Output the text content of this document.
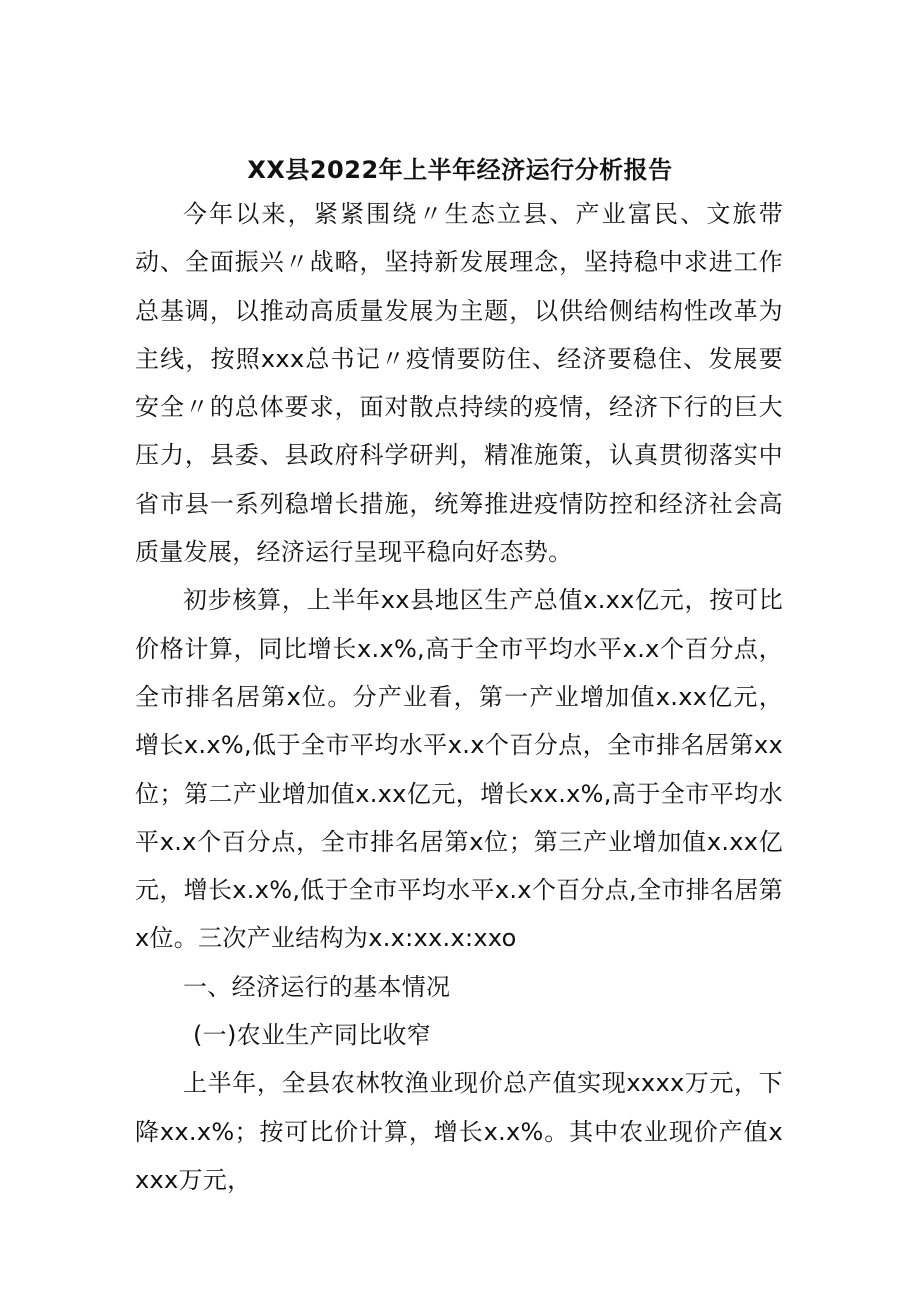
XX县2022年上半年经济运行分析报告

今年以来，紧紧围绕〃生态立县、产业富民、文旅带动、全面振兴〃战略，坚持新发展理念，坚持稳中求进工作总基调，以推动高质量发展为主题，以供给侧结构性改革为主线，按照xxx总书记〃疫情要防住、经济要稳住、发展要安全〃的总体要求，面对散点持续的疫情，经济下行的巨大压力，县委、县政府科学研判，精准施策，认真贯彻落实中省市县一系列稳增长措施，统筹推进疫情防控和经济社会高质量发展，经济运行呈现平稳向好态势。

初步核算，上半年xx县地区生产总值x.xx亿元，按可比价格计算，同比增长x.x%,高于全市平均水平x.x个百分点，全市排名居第x位。分产业看，第一产业增加值x.xx亿元，增长x.x%,低于全市平均水平x.x个百分点，全市排名居第xx位；第二产业增加值x.xx亿元，增长xx.x%,高于全市平均水平x.x个百分点，全市排名居第x位；第三产业增加值x.xx亿元，增长x.x%,低于全市平均水平x.x个百分点,全市排名居第x位。三次产业结构为x.x:xx.x:xxo

一、经济运行的基本情况

(一)农业生产同比收窄

上半年，全县农林牧渔业现价总产值实现xxxx万元，下降xx.x%；按可比价计算，增长x.x%。其中农业现价产值xxxx万元，
